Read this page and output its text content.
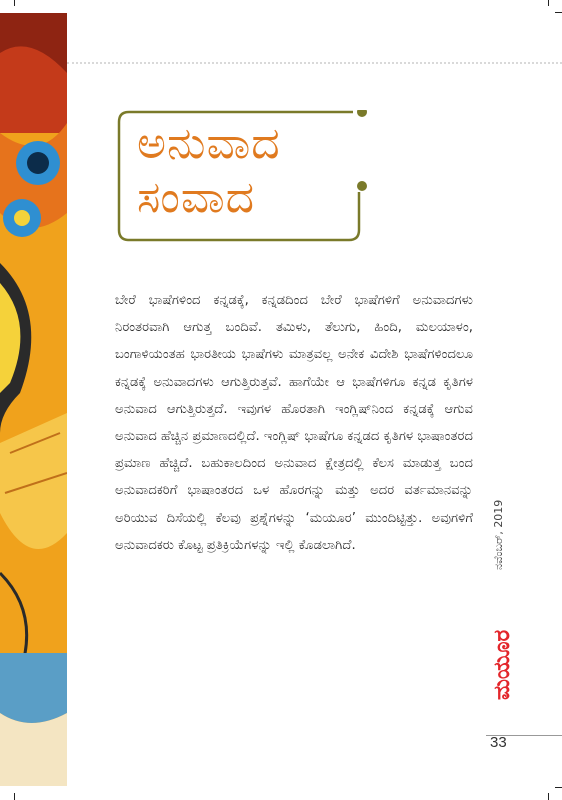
ಅನುವಾದ
ಸಂವಾದ
ಬೇರೆ ಭಾಷೆಗಳಿಂದ ಕನ್ನಡಕ್ಕೆ, ಕನ್ನಡದಿಂದ ಬೇರೆ ಭಾಷೆಗಳಿಗೆ ಅನುವಾದಗಳು ನಿರಂತರವಾಗಿ ಆಗುತ್ತ ಬಂದಿವೆ. ತಮಿಳು, ತೆಲುಗು, ಹಿಂದಿ, ಮಲಯಾಳಂ, ಬಂಗಾಳಿಯಂತಹ ಭಾರತೀಯ ಭಾಷೆಗಳು ಮಾತ್ರವಲ್ಲ ಅನೇಕ ವಿದೇಶಿ ಭಾಷೆಗಳಿಂದಲೂ ಕನ್ನಡಕ್ಕೆ ಅನುವಾದಗಳು ಆಗುತ್ತಿರುತ್ತವೆ. ಹಾಗೆಯೇ ಆ ಭಾಷೆಗಳಿಗೂ ಕನ್ನಡ ಕೃತಿಗಳ ಅನುವಾದ ಆಗುತ್ತಿರುತ್ತದೆ. ಇವುಗಳ ಹೊರತಾಗಿ ಇಂಗ್ಲಿಷ್‌ನಿಂದ ಕನ್ನಡಕ್ಕೆ ಆಗುವ ಅನುವಾದ ಹೆಚ್ಚಿನ ಪ್ರಮಾಣದಲ್ಲಿದೆ. ಇಂಗ್ಲಿಷ್ ಭಾಷೆಗೂ ಕನ್ನಡದ ಕೃತಿಗಳ ಭಾಷಾಂತರದ ಪ್ರಮಾಣ ಹೆಚ್ಚಿದೆ. ಬಹುಕಾಲದಿಂದ ಅನುವಾದ ಕ್ಷೇತ್ರದಲ್ಲಿ ಕೆಲಸ ಮಾಡುತ್ತ ಬಂದ ಅನುವಾದಕರಿಗೆ ಭಾಷಾಂತರದ ಒಳ ಹೊರಗನ್ನು ಮತ್ತು ಅದರ ವರ್ತಮಾನವನ್ನು ಅರಿಯುವ ದಿಸೆಯಲ್ಲಿ ಕೆಲವು ಪ್ರಶ್ನೆಗಳನ್ನು ‘ಮಯೂರ’ ಮುಂದಿಟ್ಟಿತ್ತು. ಅವುಗಳಿಗೆ ಅನುವಾದಕರು ಕೊಟ್ಟ ಪ್ರತಿಕ್ರಿಯೆಗಳನ್ನು ಇಲ್ಲಿ ಕೊಡಲಾಗಿದೆ.	ನವೆಂಬರ್, 2019
ಮಯೂರ
33
